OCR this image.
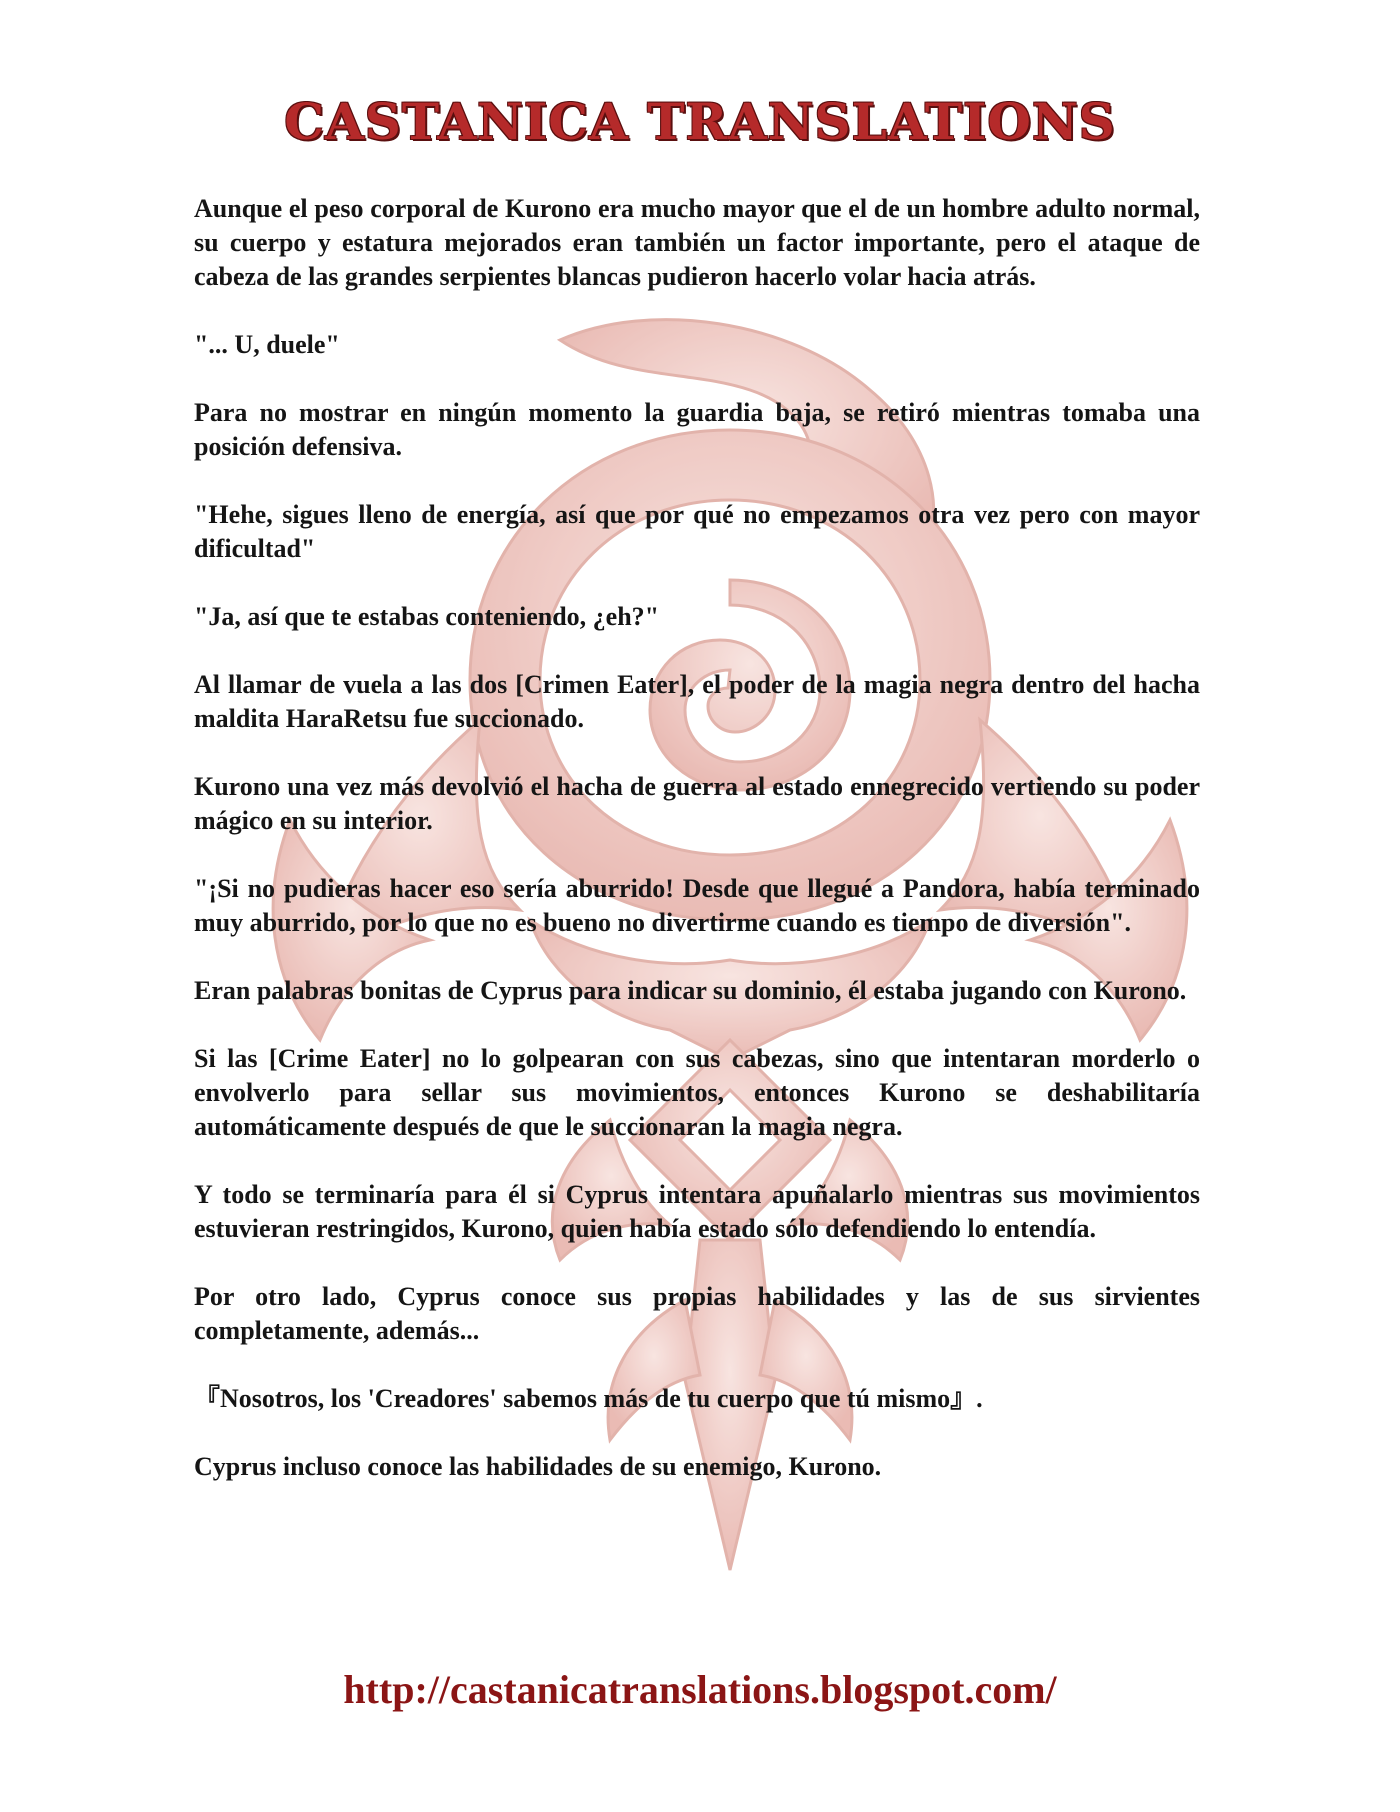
CASTANICA TRANSLATIONS

Aunque el peso corporal de Kurono era mucho mayor que el de un hombre adulto normal, su cuerpo y estatura mejorados eran también un factor importante, pero el ataque de cabeza de las grandes serpientes blancas pudieron hacerlo volar hacia atrás.

"... U, duele"

Para no mostrar en ningún momento la guardia baja, se retiró mientras tomaba una posición defensiva.

"Hehe, sigues lleno de energía, así que por qué no empezamos otra vez pero con mayor dificultad"

"Ja, así que te estabas conteniendo, ¿eh?"

Al llamar de vuela a las dos [Crimen Eater], el poder de la magia negra dentro del hacha maldita HaraRetsu fue succionado.

Kurono una vez más devolvió el hacha de guerra al estado ennegrecido vertiendo su poder mágico en su interior.

"¡Si no pudieras hacer eso sería aburrido! Desde que llegué a Pandora, había terminado muy aburrido, por lo que no es bueno no divertirme cuando es tiempo de diversión".

Eran palabras bonitas de Cyprus para indicar su dominio, él estaba jugando con Kurono.

Si las [Crime Eater] no lo golpearan con sus cabezas, sino que intentaran morderlo o envolverlo para sellar sus movimientos, entonces Kurono se deshabilitaría automáticamente después de que le succionaran la magia negra.

Y todo se terminaría para él si Cyprus intentara apuñalarlo mientras sus movimientos estuvieran restringidos, Kurono, quien había estado sólo defendiendo lo entendía.

Por otro lado, Cyprus conoce sus propias habilidades y las de sus sirvientes completamente, además...

『Nosotros, los 'Creadores' sabemos más de tu cuerpo que tú mismo』.

Cyprus incluso conoce las habilidades de su enemigo, Kurono.

http://castanicatranslations.blogspot.com/
